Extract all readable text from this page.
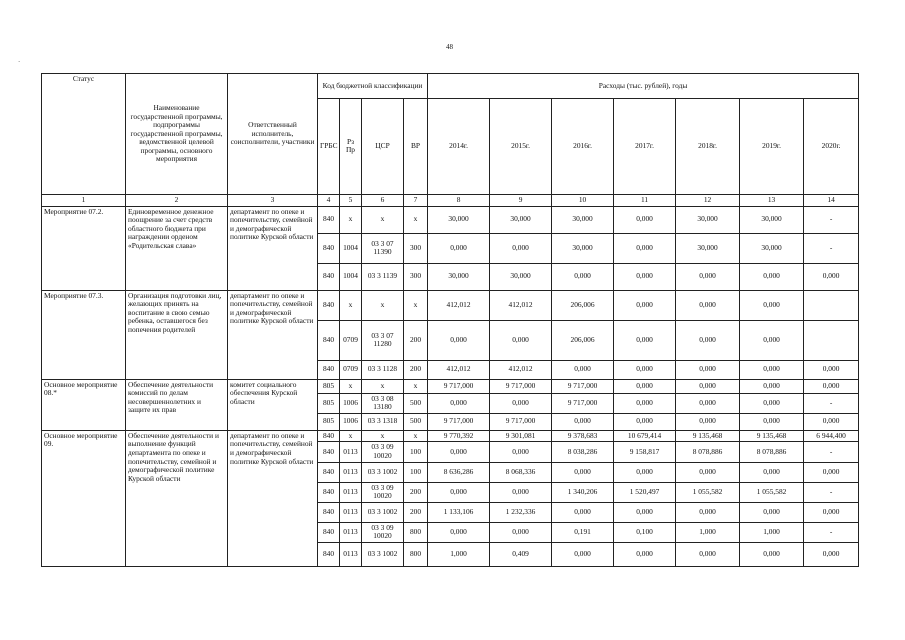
48
`
Статус	Наименование государственной программы, подпрограммы государственной программы, ведомственной целевой программы, основного мероприятия	Ответственный исполнитель, соисполнители, участники	Код бюджетной классификации				Расходы (тыс. рублей), годы						
			ГРБС	Рз Пр	ЦСР	ВР	2014г.	2015г.	2016г.	2017г.	2018г.	2019г.	2020г.
1	2	3	4	5	6	7	8	9	10	11	12	13	14
Мероприятие 07.2.	Единовременное денежное поощрение за счет средств областного бюджета при награждении орденом «Родительская слава»	департамент по опеке и попечительству, семейной и демографической политике Курской области	840	x	x	x	30,000	30,000	30,000	0,000	30,000	30,000	-
			840	1004	03 3 07 11390	300	0,000	0,000	30,000	0,000	30,000	30,000	-
			840	1004	03 3 1139	300	30,000	30,000	0,000	0,000	0,000	0,000	0,000
Мероприятие 07.3.	Организация подготовки лиц, желающих принять на воспитание в свою семью ребенка, оставшегося без попечения родителей	департамент по опеке и попечительству, семейной и демографической политике Курской области	840	x	x	x	412,012	412,012	206,006	0,000	0,000	0,000	
			840	0709	03 3 07 11280	200	0,000	0,000	206,006	0,000	0,000	0,000	
			840	0709	03 3 1128	200	412,012	412,012	0,000	0,000	0,000	0,000	0,000
Основное мероприятие 08.*	Обеспечение деятельности комиссий по делам несовершеннолетних и защите их прав	комитет социального обеспечения Курской области	805	x	x	x	9 717,000	9 717,000	9 717,000	0,000	0,000	0,000	0,000
			805	1006	03 3 08 13180	500	0,000	0,000	9 717,000	0,000	0,000	0,000	-
			805	1006	03 3 1318	500	9 717,000	9 717,000	0,000	0,000	0,000	0,000	0,000
Основное мероприятие 09.	Обеспечение деятельности и выполнение функций департамента по опеке и попечительству, семейной и демографической политике Курской области	департамент по опеке и попечительству, семейной и демографической политике Курской области	840	x	x	x	9 770,392	9 301,081	9 378,683	10 679,414	9 135,468	9 135,468	6 944,400
			840	0113	03 3 09 10020	100	0,000	0,000	8 038,286	9 158,817	8 078,886	8 078,886	-
			840	0113	03 3 1002	100	8 636,286	8 068,336	0,000	0,000	0,000	0,000	0,000
			840	0113	03 3 09 10020	200	0,000	0,000	1 340,206	1 520,497	1 055,582	1 055,582	-
			840	0113	03 3 1002	200	1 133,106	1 232,336	0,000	0,000	0,000	0,000	0,000
			840	0113	03 3 09 10020	800	0,000	0,000	0,191	0,100	1,000	1,000	-
			840	0113	03 3 1002	800	1,000	0,409	0,000	0,000	0,000	0,000	0,000
